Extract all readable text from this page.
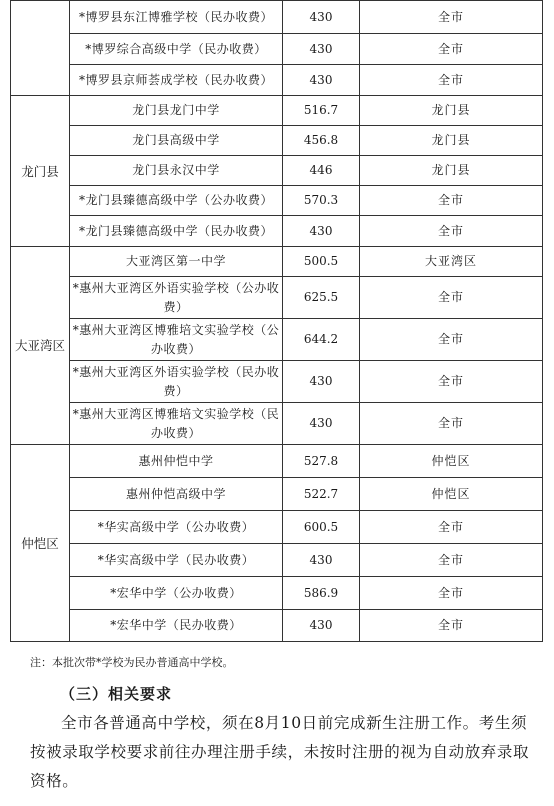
	*博罗县东江博雅学校（民办收费）	430	全市
	*博罗综合高级中学（民办收费）	430	全市
	*博罗县京师荟成学校（民办收费）	430	全市
龙门县	龙门县龙门中学	516.7	龙门县
	龙门县高级中学	456.8	龙门县
	龙门县永汉中学	446	龙门县
	*龙门县臻德高级中学（公办收费）	570.3	全市
	*龙门县臻德高级中学（民办收费）	430	全市
大亚湾区	大亚湾区第一中学	500.5	大亚湾区
	*惠州大亚湾区外语实验学校（公办收费）	625.5	全市
	*惠州大亚湾区博雅培文实验学校（公办收费）	644.2	全市
	*惠州大亚湾区外语实验学校（民办收费）	430	全市
	*惠州大亚湾区博雅培文实验学校（民办收费）	430	全市
仲恺区	惠州仲恺中学	527.8	仲恺区
	惠州仲恺高级中学	522.7	仲恺区
	*华实高级中学（公办收费）	600.5	全市
	*华实高级中学（民办收费）	430	全市
	*宏华中学（公办收费）	586.9	全市
	*宏华中学（民办收费）	430	全市
注：本批次带*学校为民办普通高中学校。
（三）相关要求
全市各普通高中学校，须在8月10日前完成新生注册工作。考生须按被录取学校要求前往办理注册手续，未按时注册的视为自动放弃录取资格。
